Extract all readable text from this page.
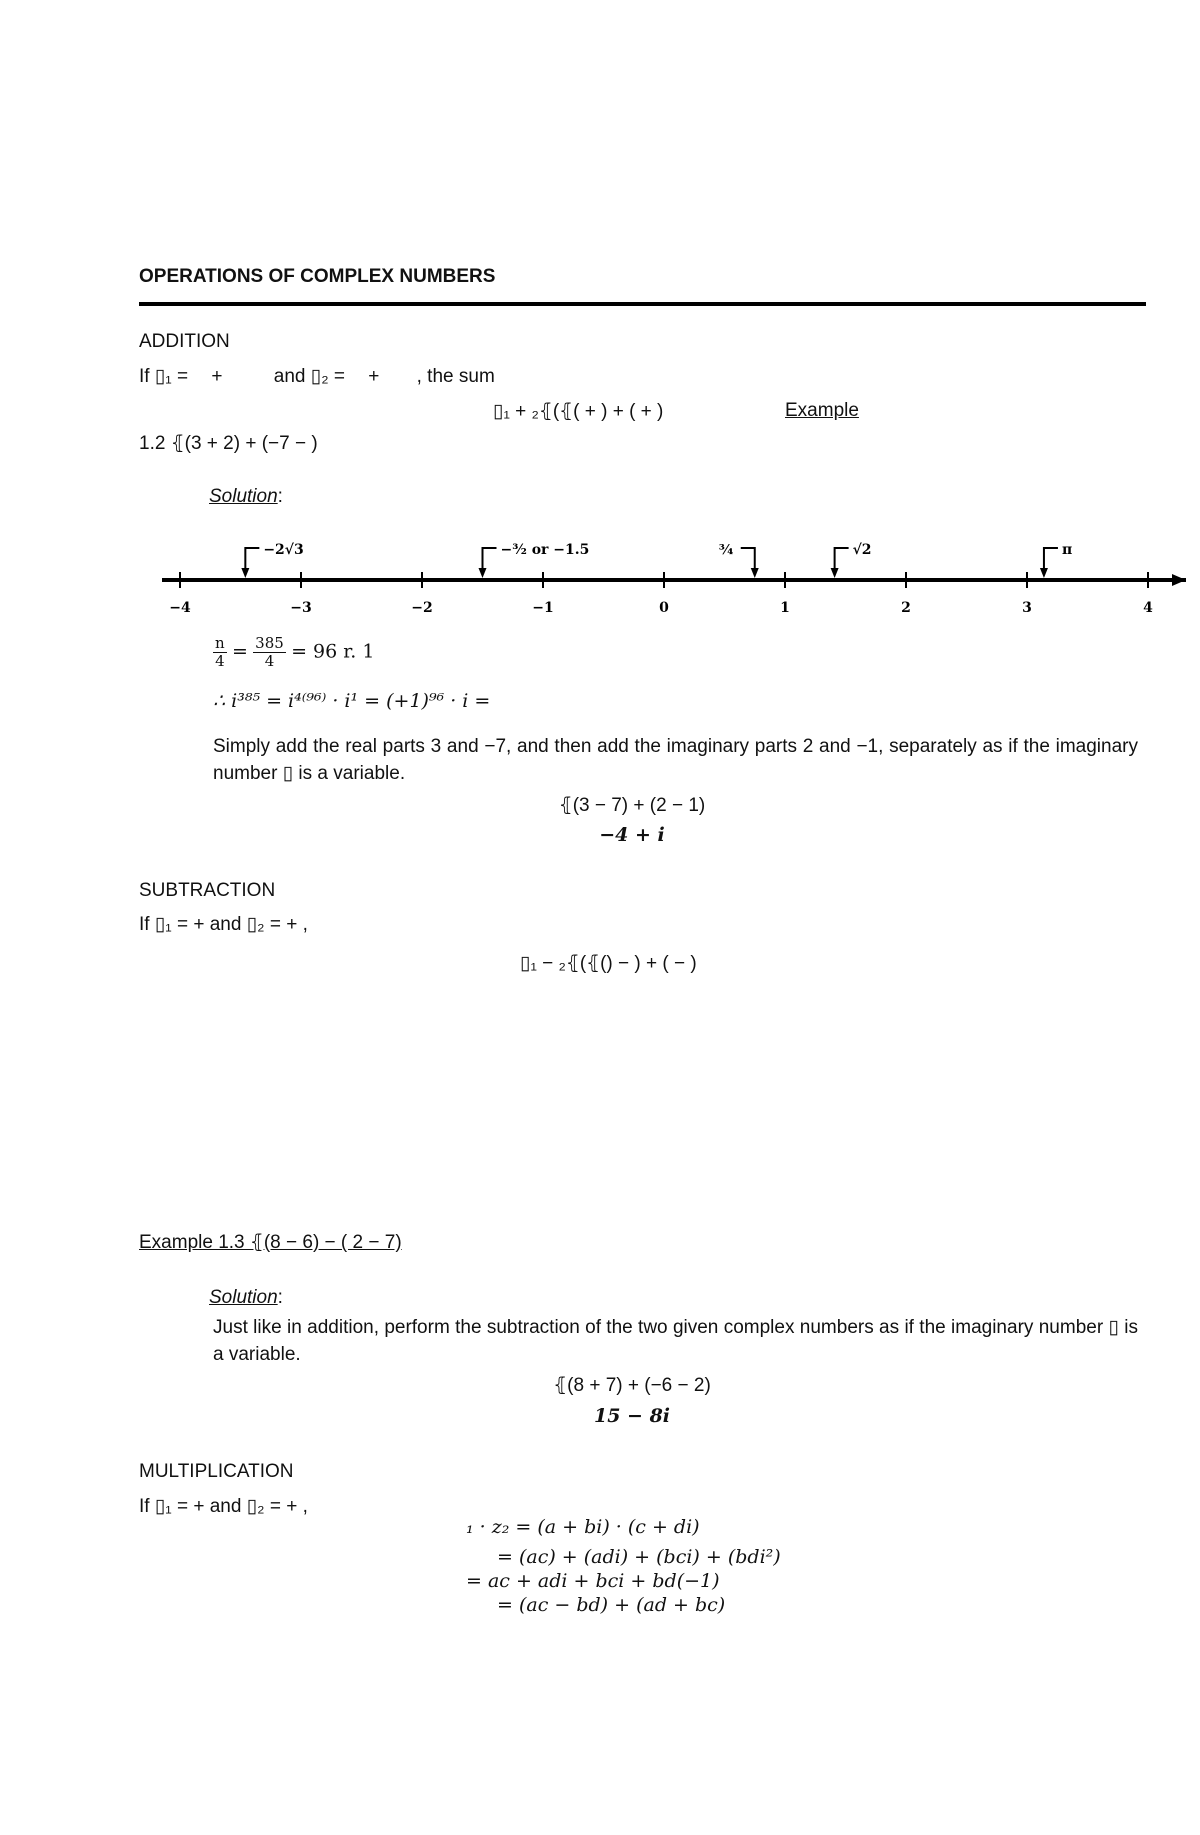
OPERATIONS OF COMPLEX NUMBERS
ADDITION
If ▯₁ = +	and ▯₂ = + , the sum
▯₁ + ₂⦃(⦃( + ) + ( + )	Example
1.2 ⦃(3 + 2) + (−7 − )
Solution:
−4	−3	−2	−1	0	1	2	3	4
−2√3	−³⁄₂ or −1.5	¾	√2	π
$\frac{n}{4} = \frac{385}{4} = 96$ r. 1
∴ i³⁸⁵ = i⁴⁽⁹⁶⁾ · i¹ = (+1)⁹⁶ · i =
Simply add the real parts 3 and −7, and then add the imaginary parts 2 and −1, separately as if the imaginary number ▯ is a variable.
⦃(3 − 7) + (2 − 1)
−4 + i
SUBTRACTION
If ▯₁ = + and ▯₂ = + ,
▯₁ − ₂⦃(⦃() − ) + ( − )
Example 1.3 ⦃(8 − 6) − ( 2 − 7)
Solution:
Just like in addition, perform the subtraction of the two given complex numbers as if the imaginary number ▯ is a variable.
⦃(8 + 7) + (−6 − 2)
15 − 8i
MULTIPLICATION
If ▯₁ = + and ▯₂ = + ,
₁ · z₂ = (a + bi) · (c + di)
= (ac) + (adi) + (bci) + (bdi²)
= ac + adi + bci + bd(−1)
= (ac − bd) + (ad + bc)
